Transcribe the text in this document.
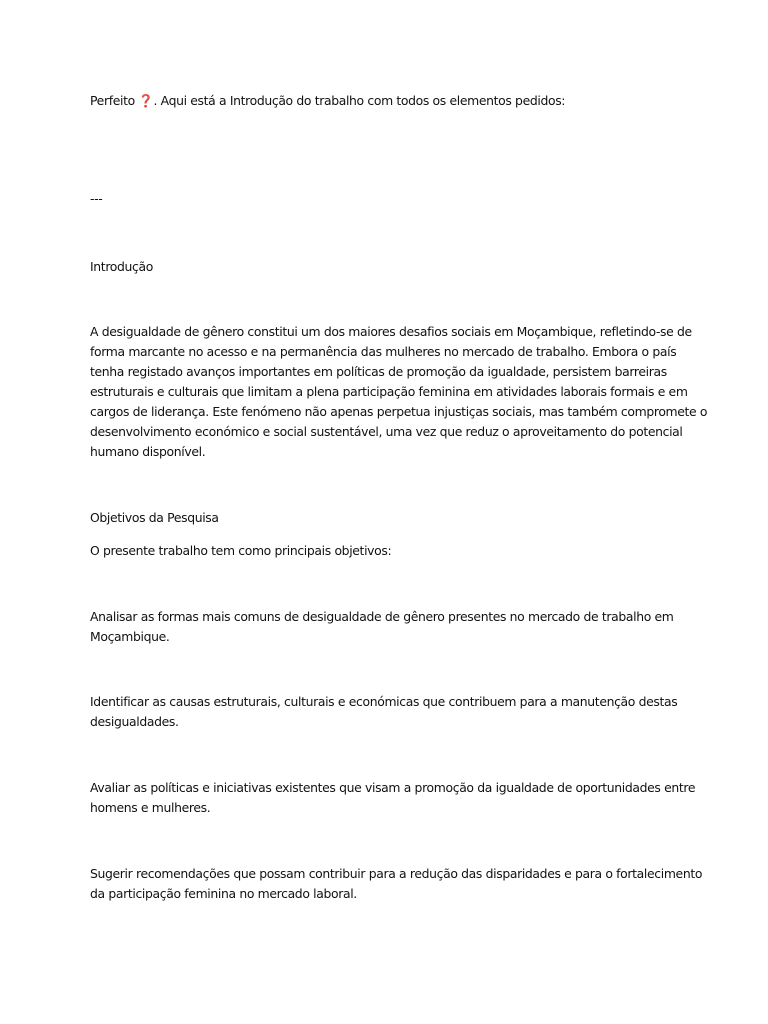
Perfeito ❓. Aqui está a Introdução do trabalho com todos os elementos pedidos:
---
Introdução
A desigualdade de gênero constitui um dos maiores desafios sociais em Moçambique, refletindo-se de
forma marcante no acesso e na permanência das mulheres no mercado de trabalho. Embora o país
tenha registado avanços importantes em políticas de promoção da igualdade, persistem barreiras
estruturais e culturais que limitam a plena participação feminina em atividades laborais formais e em
cargos de liderança. Este fenómeno não apenas perpetua injustiças sociais, mas também compromete o
desenvolvimento económico e social sustentável, uma vez que reduz o aproveitamento do potencial
humano disponível.
Objetivos da Pesquisa
O presente trabalho tem como principais objetivos:
Analisar as formas mais comuns de desigualdade de gênero presentes no mercado de trabalho em
Moçambique.
Identificar as causas estruturais, culturais e económicas que contribuem para a manutenção destas
desigualdades.
Avaliar as políticas e iniciativas existentes que visam a promoção da igualdade de oportunidades entre
homens e mulheres.
Sugerir recomendações que possam contribuir para a redução das disparidades e para o fortalecimento
da participação feminina no mercado laboral.
